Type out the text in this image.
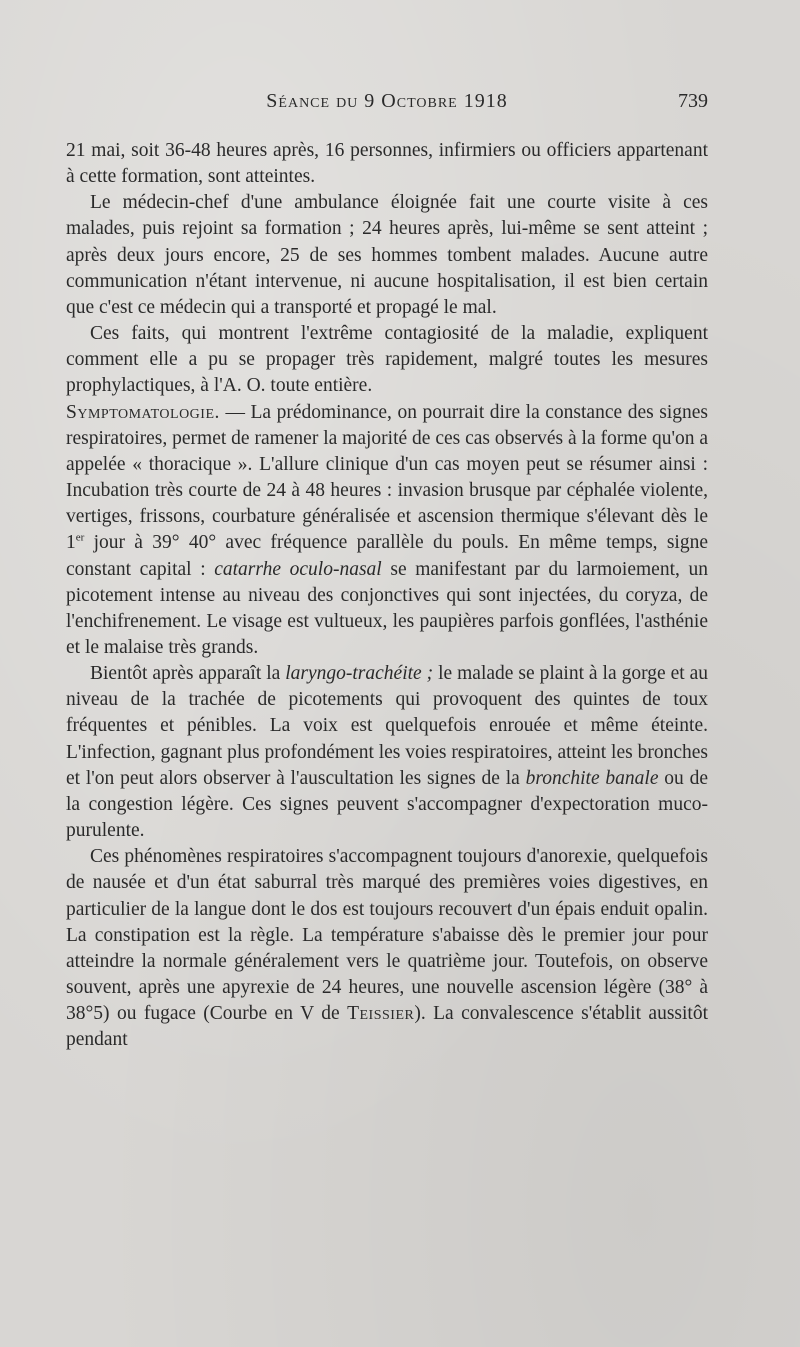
Séance du 9 Octobre 1918	739

21 mai, soit 36-48 heures après, 16 personnes, infirmiers ou officiers appartenant à cette formation, sont atteintes.

Le médecin-chef d'une ambulance éloignée fait une courte visite à ces malades, puis rejoint sa formation ; 24 heures après, lui-même se sent atteint ; après deux jours encore, 25 de ses hommes tombent malades. Aucune autre communication n'étant intervenue, ni aucune hospitalisation, il est bien certain que c'est ce médecin qui a transporté et propagé le mal.

Ces faits, qui montrent l'extrême contagiosité de la maladie, expliquent comment elle a pu se propager très rapidement, malgré toutes les mesures prophylactiques, à l'A. O. toute entière.

Symptomatologie. — La prédominance, on pourrait dire la constance des signes respiratoires, permet de ramener la majorité de ces cas observés à la forme qu'on a appelée « thoracique ». L'allure clinique d'un cas moyen peut se résumer ainsi : Incubation très courte de 24 à 48 heures : invasion brusque par céphalée violente, vertiges, frissons, courbature généralisée et ascension thermique s'élevant dès le 1er jour à 39° 40° avec fréquence parallèle du pouls. En même temps, signe constant capital : catarrhe oculo-nasal se manifestant par du larmoiement, un picotement intense au niveau des conjonctives qui sont injectées, du coryza, de l'enchifrenement. Le visage est vultueux, les paupières parfois gonflées, l'asthénie et le malaise très grands.

Bientôt après apparaît la laryngo-trachéite ; le malade se plaint à la gorge et au niveau de la trachée de picotements qui provoquent des quintes de toux fréquentes et pénibles. La voix est quelquefois enrouée et même éteinte. L'infection, gagnant plus profondément les voies respiratoires, atteint les bronches et l'on peut alors observer à l'auscultation les signes de la bronchite banale ou de la congestion légère. Ces signes peuvent s'accompagner d'expectoration muco-purulente.

Ces phénomènes respiratoires s'accompagnent toujours d'anorexie, quelquefois de nausée et d'un état saburral très marqué des premières voies digestives, en particulier de la langue dont le dos est toujours recouvert d'un épais enduit opalin. La constipation est la règle. La température s'abaisse dès le premier jour pour atteindre la normale généralement vers le quatrième jour. Toutefois, on observe souvent, après une apyrexie de 24 heures, une nouvelle ascension légère (38° à 38°5) ou fugace (Courbe en V de Teissier). La convalescence s'établit aussitôt pendant
